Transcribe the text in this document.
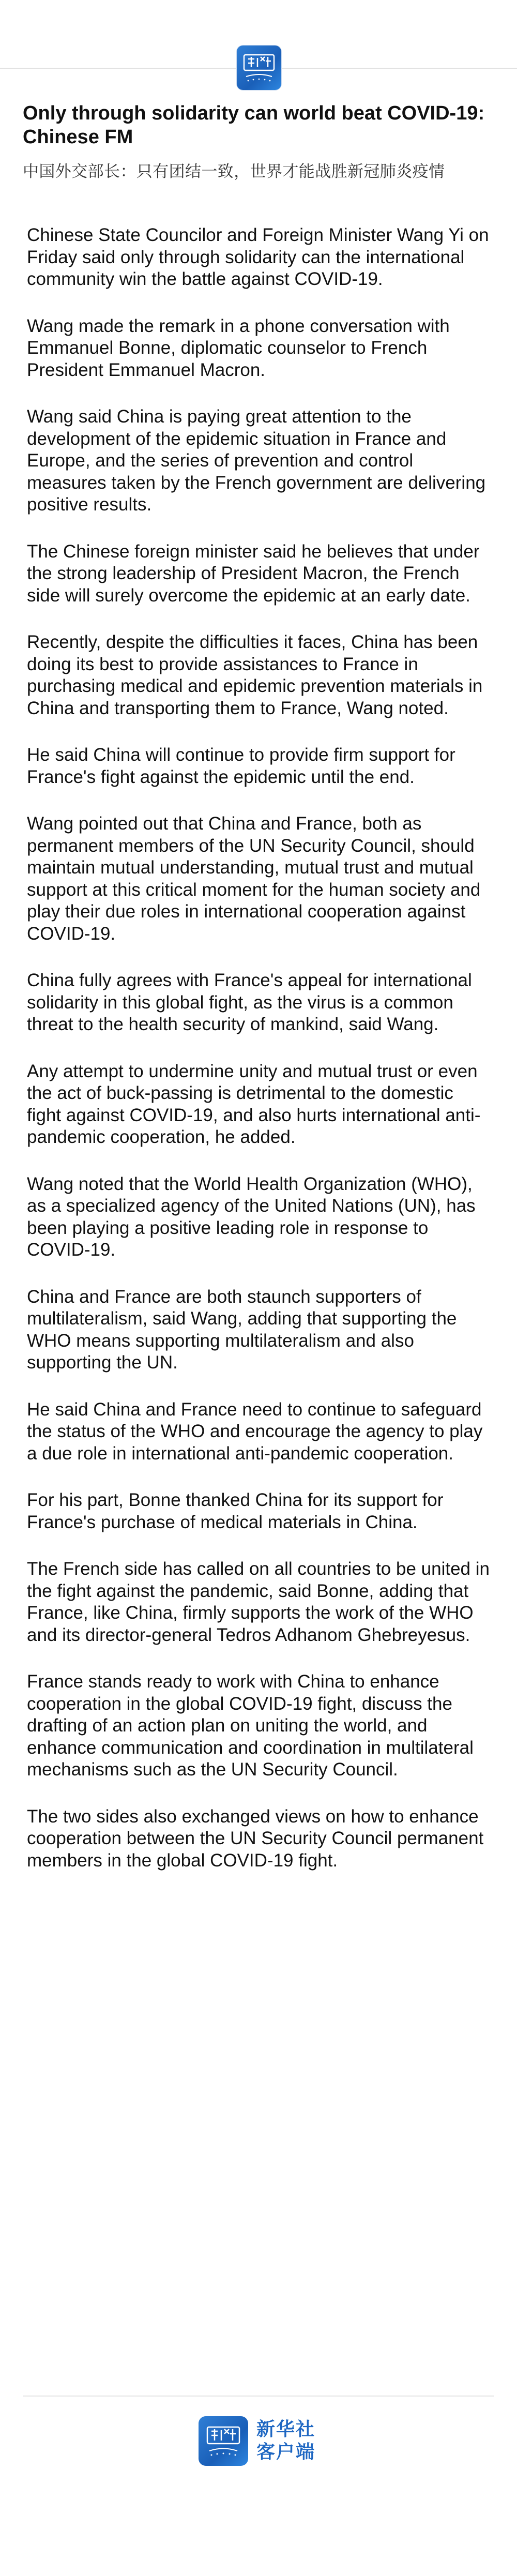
Only through solidarity can world beat COVID-19: Chinese FM
中国外交部长：只有团结一致，世界才能战胜新冠肺炎疫情

Chinese State Councilor and Foreign Minister Wang Yi on Friday said only through solidarity can the international community win the battle against COVID-19.

Wang made the remark in a phone conversation with Emmanuel Bonne, diplomatic counselor to French President Emmanuel Macron.

Wang said China is paying great attention to the development of the epidemic situation in France and Europe, and the series of prevention and control measures taken by the French government are delivering positive results.

The Chinese foreign minister said he believes that under the strong leadership of President Macron, the French side will surely overcome the epidemic at an early date.

Recently, despite the difficulties it faces, China has been doing its best to provide assistances to France in purchasing medical and epidemic prevention materials in China and transporting them to France, Wang noted.

He said China will continue to provide firm support for France's fight against the epidemic until the end.

Wang pointed out that China and France, both as permanent members of the UN Security Council, should maintain mutual understanding, mutual trust and mutual support at this critical moment for the human society and play their due roles in international cooperation against COVID-19.

China fully agrees with France's appeal for international solidarity in this global fight, as the virus is a common threat to the health security of mankind, said Wang.

Any attempt to undermine unity and mutual trust or even the act of buck-passing is detrimental to the domestic fight against COVID-19, and also hurts international anti-pandemic cooperation, he added.

Wang noted that the World Health Organization (WHO), as a specialized agency of the United Nations (UN), has been playing a positive leading role in response to COVID-19.

China and France are both staunch supporters of multilateralism, said Wang, adding that supporting the WHO means supporting multilateralism and also supporting the UN.

He said China and France need to continue to safeguard the status of the WHO and encourage the agency to play a due role in international anti-pandemic cooperation.

For his part, Bonne thanked China for its support for France's purchase of medical materials in China.

The French side has called on all countries to be united in the fight against the pandemic, said Bonne, adding that France, like China, firmly supports the work of the WHO and its director-general Tedros Adhanom Ghebreyesus.

France stands ready to work with China to enhance cooperation in the global COVID-19 fight, discuss the drafting of an action plan on uniting the world, and enhance communication and coordination in multilateral mechanisms such as the UN Security Council.

The two sides also exchanged views on how to enhance cooperation between the UN Security Council permanent members in the global COVID-19 fight.

新华社
客户端
